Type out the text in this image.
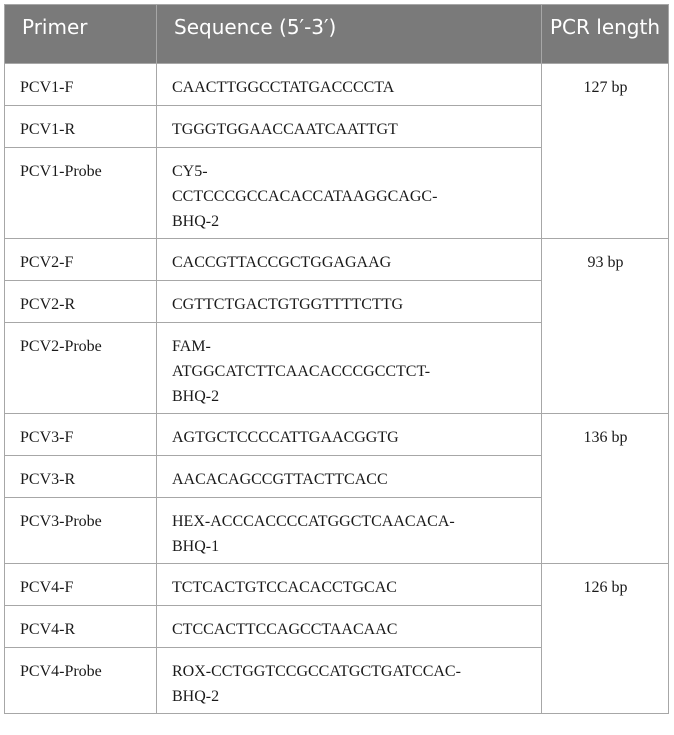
Primer	Sequence (5′-3′)	PCR length
PCV1-F	CAACTTGGCCTATGACCCCTA	127 bp
PCV1-R	TGGGTGGAACCAATCAATTGT	
PCV1-Probe	CY5-
CCTCCCGCCACACCATAAGGCAGC-
BHQ-2	
PCV2-F	CACCGTTACCGCTGGAGAAG	93 bp
PCV2-R	CGTTCTGACTGTGGTTTTCTTG	
PCV2-Probe	FAM-
ATGGCATCTTCAACACCCGCCTCT-
BHQ-2	
PCV3-F	AGTGCTCCCCATTGAACGGTG	136 bp
PCV3-R	AACACAGCCGTTACTTCACC	
PCV3-Probe	HEX-ACCCACCCCATGGCTCAACACA-
BHQ-1	
PCV4-F	TCTCACTGTCCACACCTGCAC	126 bp
PCV4-R	CTCCACTTCCAGCCTAACAAC	
PCV4-Probe	ROX-CCTGGTCCGCCATGCTGATCCAC-
BHQ-2	
